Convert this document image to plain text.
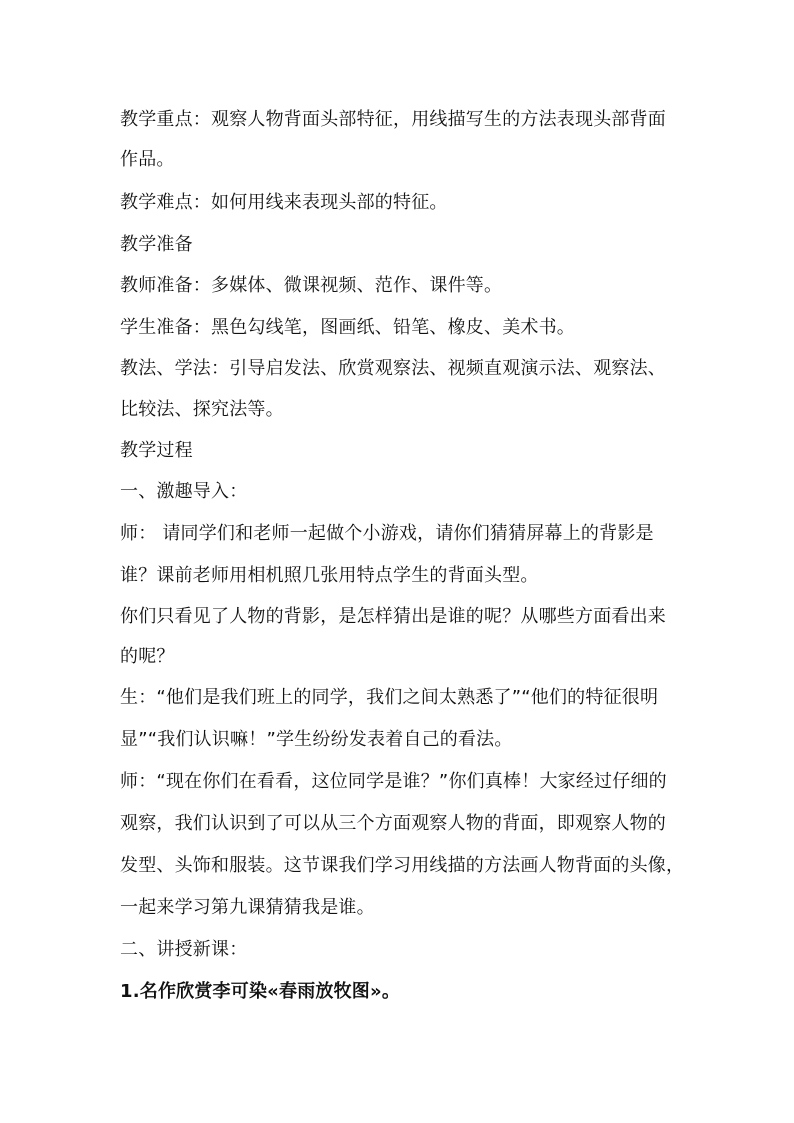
教学重点：观察人物背面头部特征，用线描写生的方法表现头部背面
作品。
教学难点：如何用线来表现头部的特征。
教学准备
教师准备：多媒体、微课视频、范作、课件等。
学生准备：黑色勾线笔，图画纸、铅笔、橡皮、美术书。
教法、学法：引导启发法、欣赏观察法、视频直观演示法、观察法、
比较法、探究法等。
教学过程
一、激趣导入：
师： 请同学们和老师一起做个小游戏，请你们猜猜屏幕上的背影是
谁？课前老师用相机照几张用特点学生的背面头型。
你们只看见了人物的背影，是怎样猜出是谁的呢？从哪些方面看出来
的呢？
生：“他们是我们班上的同学，我们之间太熟悉了”“他们的特征很明
显”“我们认识嘛！”学生纷纷发表着自己的看法。
师：“现在你们在看看，这位同学是谁？”你们真棒！大家经过仔细的
观察，我们认识到了可以从三个方面观察人物的背面，即观察人物的
发型、头饰和服装。这节课我们学习用线描的方法画人物背面的头像，
一起来学习第九课猜猜我是谁。
二、讲授新课：
1.名作欣赏李可染«春雨放牧图»。
